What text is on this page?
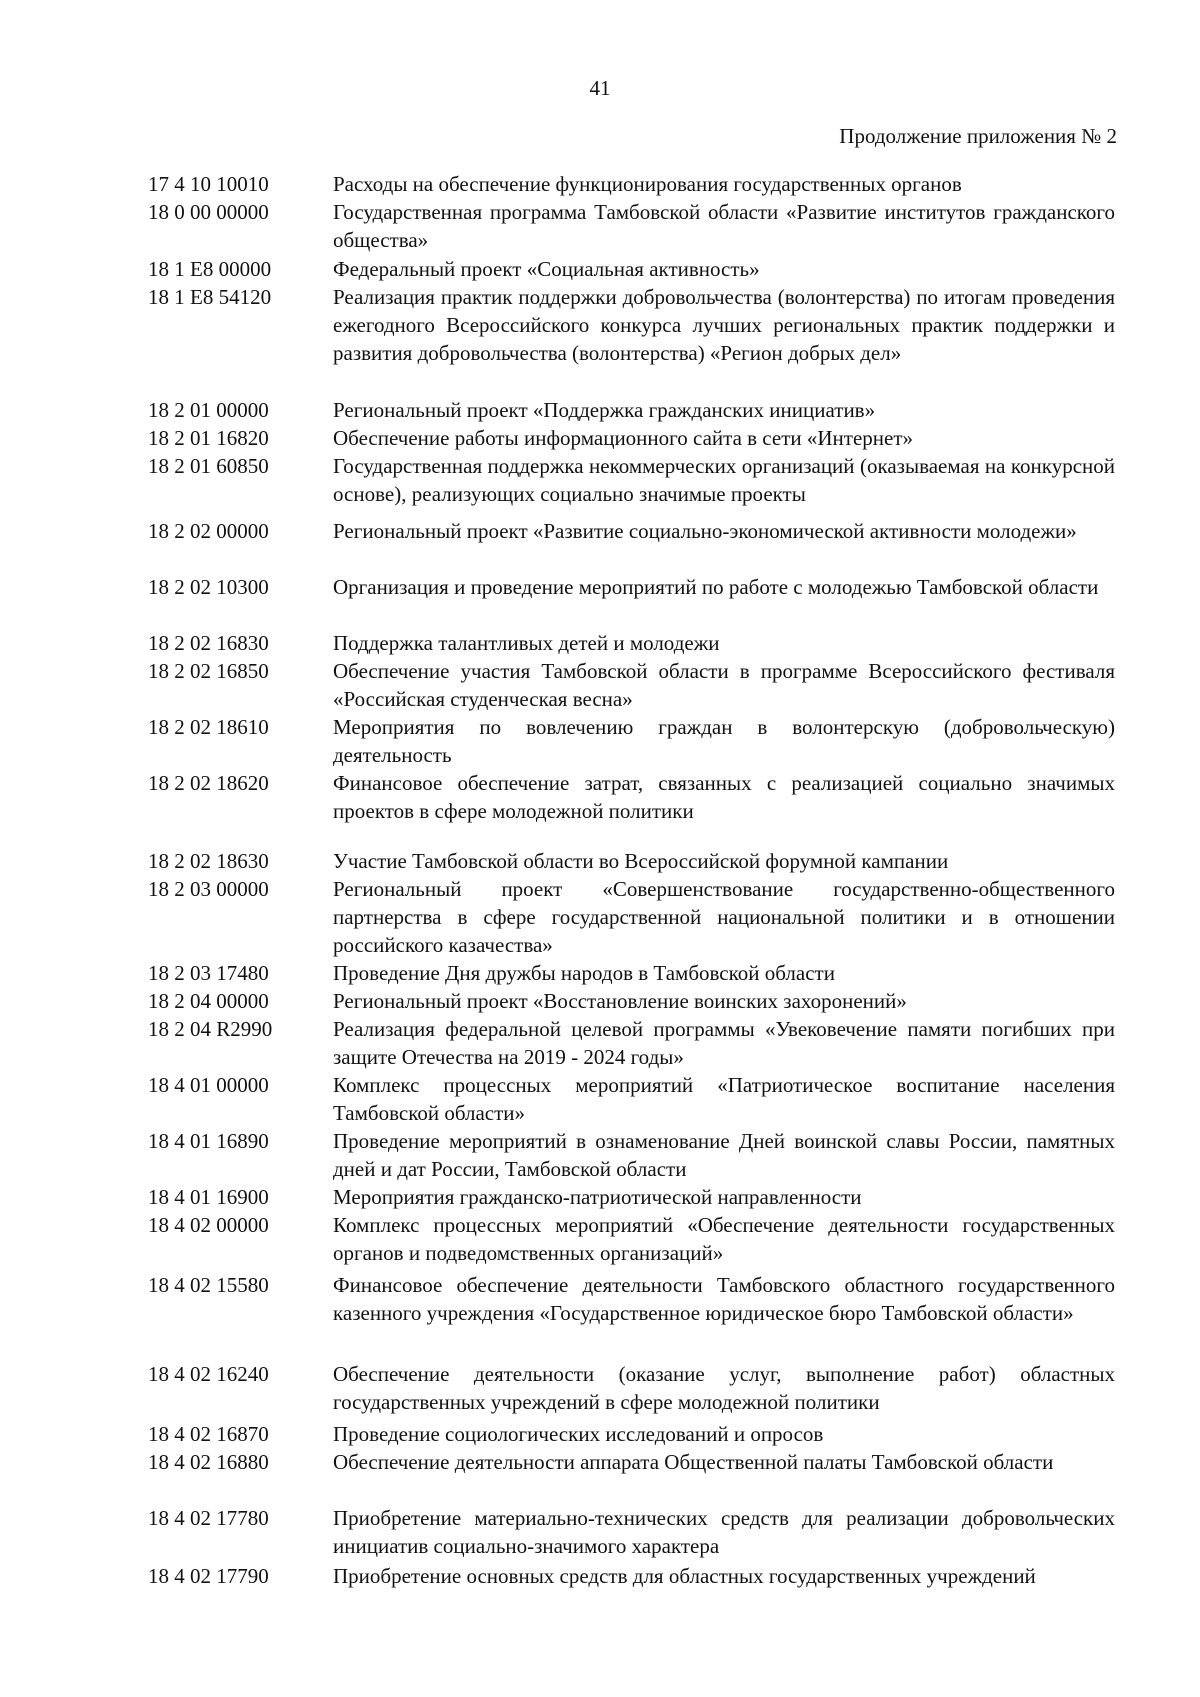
41
Продолжение приложения № 2
17 4 10 10010	Расходы на обеспечение функционирования государственных органов
18 0 00 00000	Государственная программа Тамбовской области «Развитие институтов гражданского общества»
18 1 E8 00000	Федеральный проект «Социальная активность»
18 1 E8 54120	Реализация практик поддержки добровольчества (волонтерства) по итогам проведения ежегодного Всероссийского конкурса лучших региональных практик поддержки и развития добровольчества (волонтерства) «Регион добрых дел»
18 2 01 00000	Региональный проект «Поддержка гражданских инициатив»
18 2 01 16820	Обеспечение работы информационного сайта в сети «Интернет»
18 2 01 60850	Государственная поддержка некоммерческих организаций (оказываемая на конкурсной основе), реализующих социально значимые проекты
18 2 02 00000	Региональный проект «Развитие социально-экономической активности молодежи»
18 2 02 10300	Организация и проведение мероприятий по работе с молодежью Тамбовской области
18 2 02 16830	Поддержка талантливых детей и молодежи
18 2 02 16850	Обеспечение участия Тамбовской области в программе Всероссийского фестиваля «Российская студенческая весна»
18 2 02 18610	Мероприятия по вовлечению граждан в волонтерскую (добровольческую) деятельность
18 2 02 18620	Финансовое обеспечение затрат, связанных с реализацией социально значимых проектов в сфере молодежной политики
18 2 02 18630	Участие Тамбовской области во Всероссийской форумной кампании
18 2 03 00000	Региональный проект «Совершенствование государственно-общественного партнерства в сфере государственной национальной политики и в отношении российского казачества»
18 2 03 17480	Проведение Дня дружбы народов в Тамбовской области
18 2 04 00000	Региональный проект «Восстановление воинских захоронений»
18 2 04 R2990	Реализация федеральной целевой программы «Увековечение памяти погибших при защите Отечества на 2019 - 2024 годы»
18 4 01 00000	Комплекс процессных мероприятий «Патриотическое воспитание населения Тамбовской области»
18 4 01 16890	Проведение мероприятий в ознаменование Дней воинской славы России, памятных дней и дат России, Тамбовской области
18 4 01 16900	Мероприятия гражданско-патриотической направленности
18 4 02 00000	Комплекс процессных мероприятий «Обеспечение деятельности государственных органов и подведомственных организаций»
18 4 02 15580	Финансовое обеспечение деятельности Тамбовского областного государственного казенного учреждения «Государственное юридическое бюро Тамбовской области»
18 4 02 16240	Обеспечение деятельности (оказание услуг, выполнение работ) областных государственных учреждений в сфере молодежной политики
18 4 02 16870	Проведение социологических исследований и опросов
18 4 02 16880	Обеспечение деятельности аппарата Общественной палаты Тамбовской области
18 4 02 17780	Приобретение материально-технических средств для реализации добровольческих инициатив социально-значимого характера
18 4 02 17790	Приобретение основных средств для областных государственных учреждений
